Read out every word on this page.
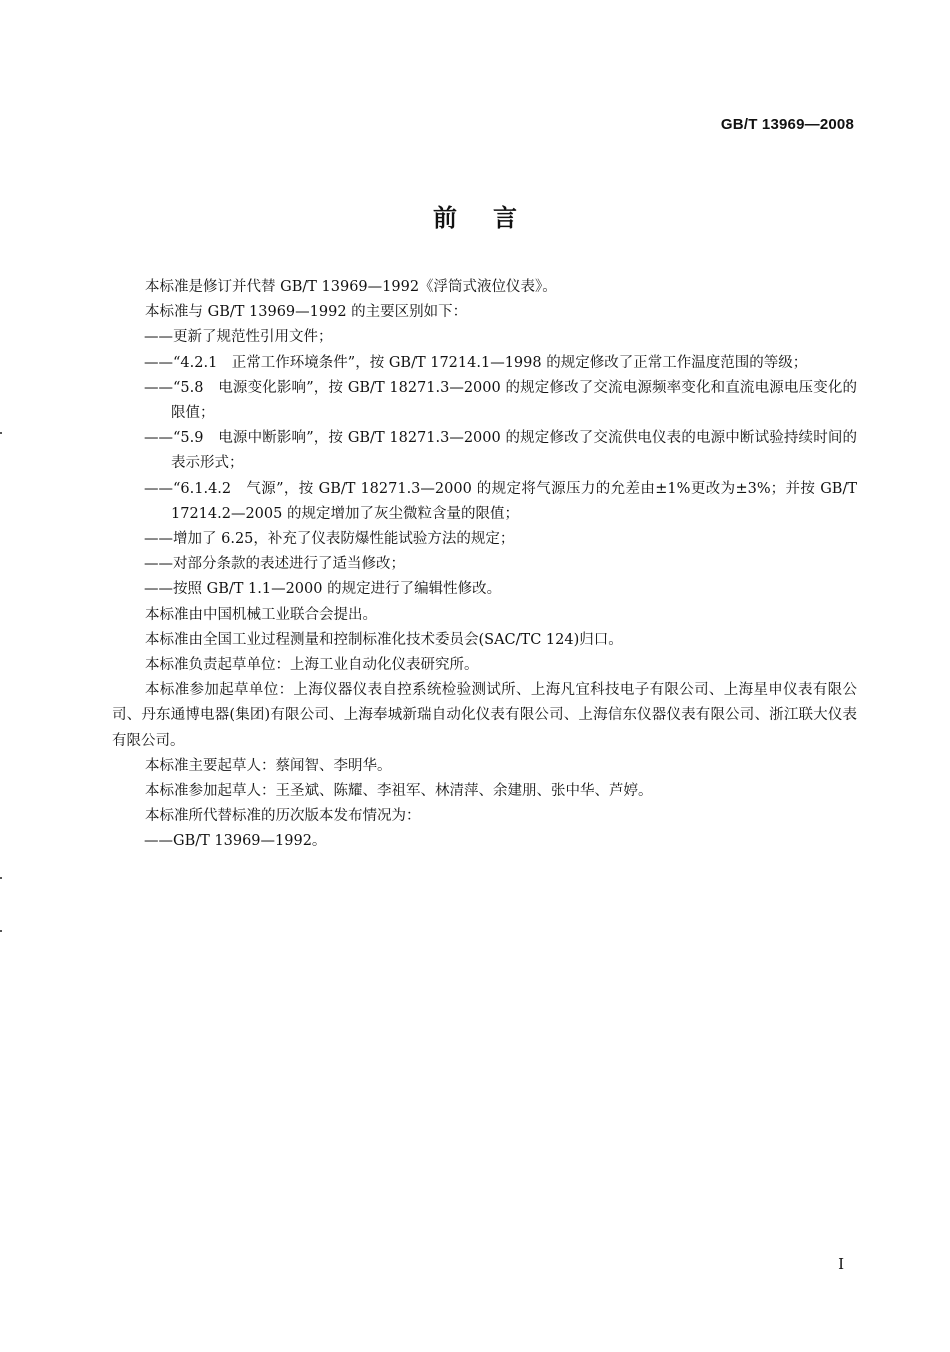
GB/T 13969—2008
前言

本标准是修订并代替 GB/T 13969—1992《浮筒式液位仪表》。

本标准与 GB/T 13969—1992 的主要区别如下：

——更新了规范性引用文件；

——“4.2.1　正常工作环境条件”，按 GB/T 17214.1—1998 的规定修改了正常工作温度范围的等级；

——“5.8　电源变化影响”，按 GB/T 18271.3—2000 的规定修改了交流电源频率变化和直流电源电压变化的限值；

——“5.9　电源中断影响”，按 GB/T 18271.3—2000 的规定修改了交流供电仪表的电源中断试验持续时间的表示形式；

——“6.1.4.2　气源”，按 GB/T 18271.3—2000 的规定将气源压力的允差由±1%更改为±3%；并按 GB/T 17214.2—2005 的规定增加了灰尘微粒含量的限值；

——增加了 6.25，补充了仪表防爆性能试验方法的规定；

——对部分条款的表述进行了适当修改；

——按照 GB/T 1.1—2000 的规定进行了编辑性修改。

本标准由中国机械工业联合会提出。

本标准由全国工业过程测量和控制标准化技术委员会(SAC/TC 124)归口。

本标准负责起草单位：上海工业自动化仪表研究所。

本标准参加起草单位：上海仪器仪表自控系统检验测试所、上海凡宜科技电子有限公司、上海星申仪表有限公司、丹东通博电器(集团)有限公司、上海奉城新瑞自动化仪表有限公司、上海信东仪器仪表有限公司、浙江联大仪表有限公司。

本标准主要起草人：蔡闻智、李明华。

本标准参加起草人：王圣斌、陈耀、李祖军、林清萍、余建朋、张中华、芦婷。

本标准所代替标准的历次版本发布情况为：

——GB/T 13969—1992。

I
